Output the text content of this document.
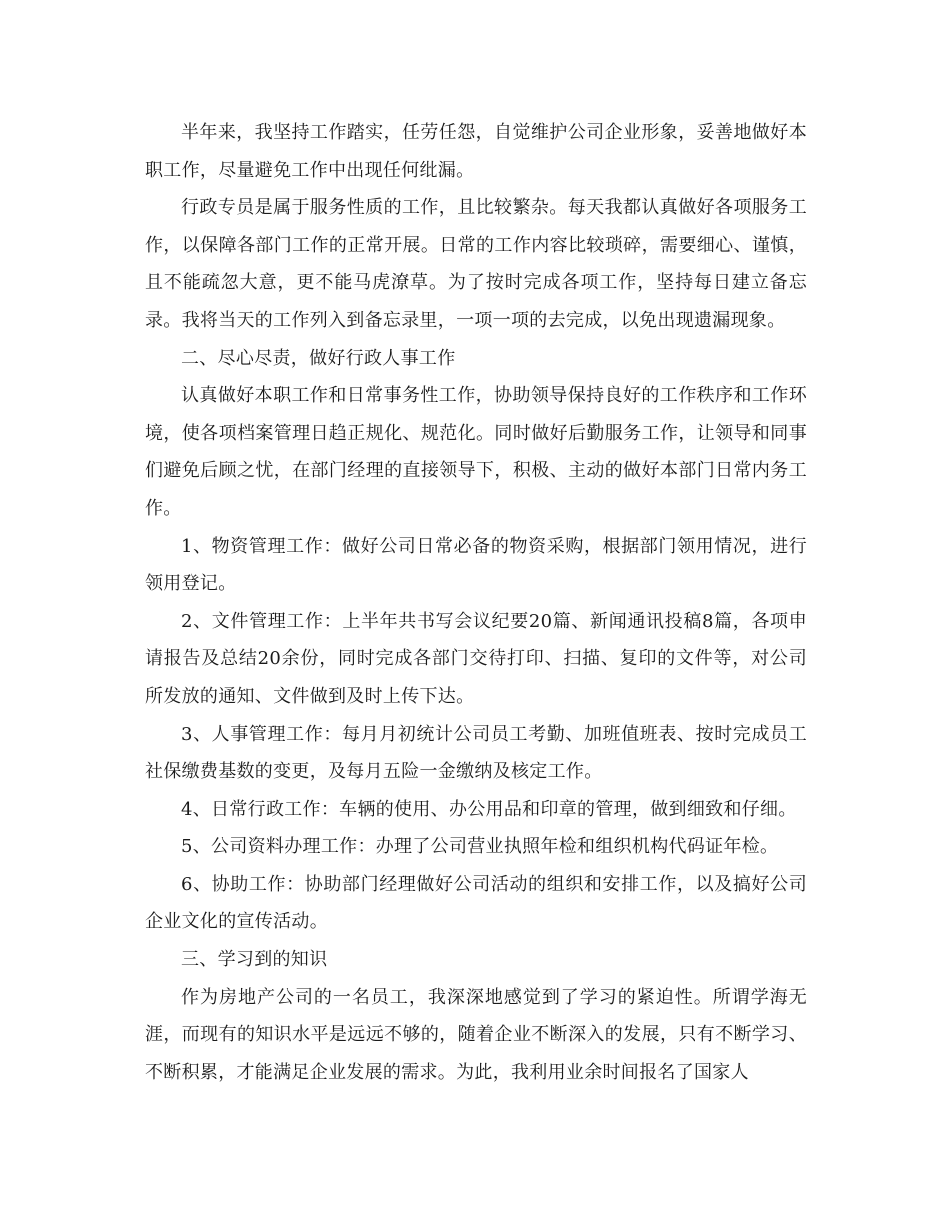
半年来，我坚持工作踏实，任劳任怨，自觉维护公司企业形象，妥善地做好本职工作，尽量避免工作中出现任何纰漏。

行政专员是属于服务性质的工作，且比较繁杂。每天我都认真做好各项服务工作，以保障各部门工作的正常开展。日常的工作内容比较琐碎，需要细心、谨慎，且不能疏忽大意，更不能马虎潦草。为了按时完成各项工作，坚持每日建立备忘录。我将当天的工作列入到备忘录里，一项一项的去完成，以免出现遗漏现象。

二、尽心尽责，做好行政人事工作

认真做好本职工作和日常事务性工作，协助领导保持良好的工作秩序和工作环境，使各项档案管理日趋正规化、规范化。同时做好后勤服务工作，让领导和同事们避免后顾之忧，在部门经理的直接领导下，积极、主动的做好本部门日常内务工作。

1、物资管理工作：做好公司日常必备的物资采购，根据部门领用情况，进行领用登记。

2、文件管理工作：上半年共书写会议纪要20篇、新闻通讯投稿8篇，各项申请报告及总结20余份，同时完成各部门交待打印、扫描、复印的文件等，对公司所发放的通知、文件做到及时上传下达。

3、人事管理工作：每月月初统计公司员工考勤、加班值班表、按时完成员工社保缴费基数的变更，及每月五险一金缴纳及核定工作。

4、日常行政工作：车辆的使用、办公用品和印章的管理，做到细致和仔细。

5、公司资料办理工作：办理了公司营业执照年检和组织机构代码证年检。

6、协助工作：协助部门经理做好公司活动的组织和安排工作，以及搞好公司企业文化的宣传活动。

三、学习到的知识

作为房地产公司的一名员工，我深深地感觉到了学习的紧迫性。所谓学海无涯，而现有的知识水平是远远不够的，随着企业不断深入的发展，只有不断学习、不断积累，才能满足企业发展的需求。为此，我利用业余时间报名了国家人
